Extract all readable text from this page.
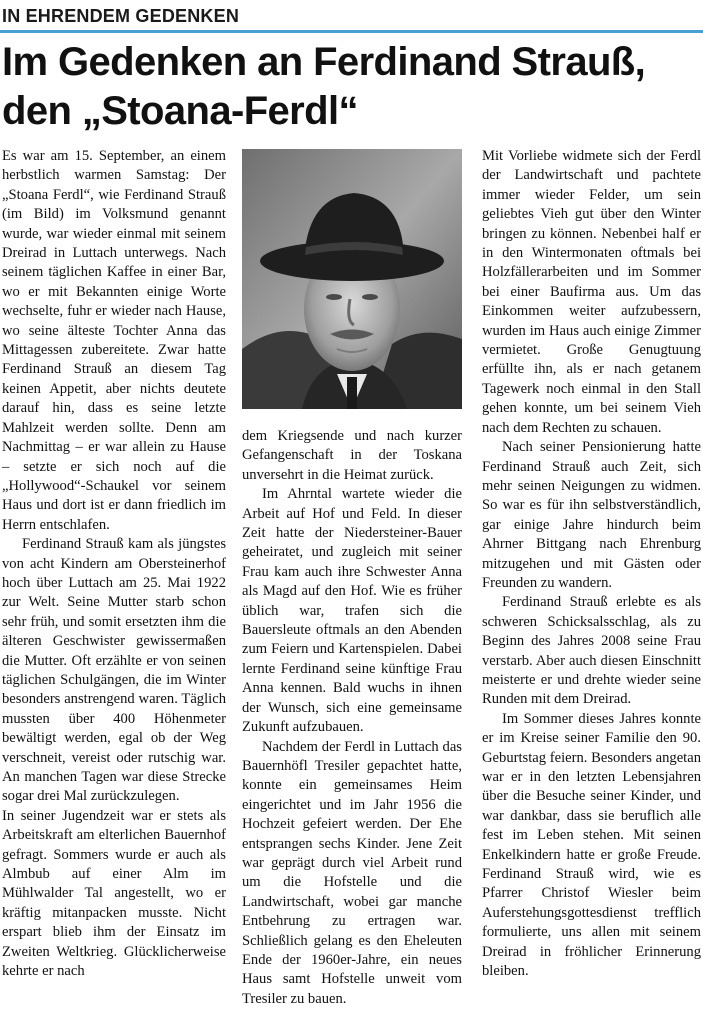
IN EHRENDEM GEDENKEN
Im Gedenken an Ferdinand Strauß,
den „Stoana-Ferdl“

Es war am 15. September, an einem herbstlich warmen Samstag: Der „Stoana Ferdl“, wie Ferdinand Strauß (im Bild) im Volksmund genannt wurde, war wieder einmal mit seinem Dreirad in Luttach unterwegs. Nach seinem täglichen Kaffee in einer Bar, wo er mit Bekannten einige Worte wechselte, fuhr er wieder nach Hause, wo seine älteste Tochter Anna das Mittagessen zubereitete. Zwar hatte Ferdinand Strauß an diesem Tag keinen Appetit, aber nichts deutete darauf hin, dass es seine letzte Mahlzeit werden sollte. Denn am Nachmittag – er war allein zu Hause – setzte er sich noch auf die „Hollywood“-Schaukel vor seinem Haus und dort ist er dann friedlich im Herrn entschlafen.

Ferdinand Strauß kam als jüngstes von acht Kindern am Obersteinerhof hoch über Luttach am 25. Mai 1922 zur Welt. Seine Mutter starb schon sehr früh, und somit ersetzten ihm die älteren Geschwister gewissermaßen die Mutter. Oft erzählte er von seinen täglichen Schulgängen, die im Winter besonders anstrengend waren. Täglich mussten über 400 Höhenmeter bewältigt werden, egal ob der Weg verschneit, vereist oder rutschig war. An manchen Tagen war diese Strecke sogar drei Mal zurückzulegen.

In seiner Jugendzeit war er stets als Arbeitskraft am elterlichen Bauernhof gefragt. Sommers wurde er auch als Almbub auf einer Alm im Mühlwalder Tal angestellt, wo er kräftig mitanpacken musste. Nicht erspart blieb ihm der Einsatz im Zweiten Weltkrieg. Glücklicherweise kehrte er nach

dem Kriegsende und nach kurzer Gefangenschaft in der Toskana unversehrt in die Heimat zurück.

Im Ahrntal wartete wieder die Arbeit auf Hof und Feld. In dieser Zeit hatte der Niedersteiner-Bauer geheiratet, und zugleich mit seiner Frau kam auch ihre Schwester Anna als Magd auf den Hof. Wie es früher üblich war, trafen sich die Bauersleute oftmals an den Abenden zum Feiern und Kartenspielen. Dabei lernte Ferdinand seine künftige Frau Anna kennen. Bald wuchs in ihnen der Wunsch, sich eine gemeinsame Zukunft aufzubauen.

Nachdem der Ferdl in Luttach das Bauernhöfl Tresiler gepachtet hatte, konnte ein gemeinsames Heim eingerichtet und im Jahr 1956 die Hochzeit gefeiert werden. Der Ehe entsprangen sechs Kinder. Jene Zeit war geprägt durch viel Arbeit rund um die Hofstelle und die Landwirtschaft, wobei gar manche Entbehrung zu ertragen war. Schließlich gelang es den Eheleuten Ende der 1960er-Jahre, ein neues Haus samt Hofstelle unweit vom Tresiler zu bauen.

Mit Vorliebe widmete sich der Ferdl der Landwirtschaft und pachtete immer wieder Felder, um sein geliebtes Vieh gut über den Winter bringen zu können. Nebenbei half er in den Wintermonaten oftmals bei Holzfällerarbeiten und im Sommer bei einer Baufirma aus. Um das Einkommen weiter aufzubessern, wurden im Haus auch einige Zimmer vermietet. Große Genugtuung erfüllte ihn, als er nach getanem Tagewerk noch einmal in den Stall gehen konnte, um bei seinem Vieh nach dem Rechten zu schauen.

Nach seiner Pensionierung hatte Ferdinand Strauß auch Zeit, sich mehr seinen Neigungen zu widmen. So war es für ihn selbstverständlich, gar einige Jahre hindurch beim Ahrner Bittgang nach Ehrenburg mitzugehen und mit Gästen oder Freunden zu wandern.

Ferdinand Strauß erlebte es als schweren Schicksalsschlag, als zu Beginn des Jahres 2008 seine Frau verstarb. Aber auch diesen Einschnitt meisterte er und drehte wieder seine Runden mit dem Dreirad.

Im Sommer dieses Jahres konnte er im Kreise seiner Familie den 90. Geburtstag feiern. Besonders angetan war er in den letzten Lebensjahren über die Besuche seiner Kinder, und war dankbar, dass sie beruflich alle fest im Leben stehen. Mit seinen Enkelkindern hatte er große Freude. Ferdinand Strauß wird, wie es Pfarrer Christof Wiesler beim Auferstehungsgottesdienst trefflich formulierte, uns allen mit seinem Dreirad in fröhlicher Erinnerung bleiben.
